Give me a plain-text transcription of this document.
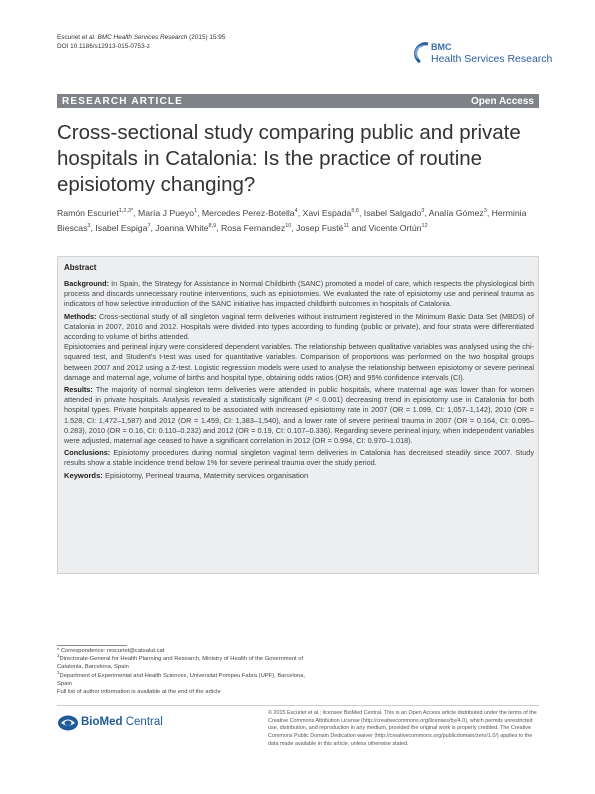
Escuriet et al. BMC Health Services Research (2015) 15:95
DOI 10.1186/s12913-015-0753-z	BMC
Health Services Research
RESEARCH ARTICLE	Open Access
Cross-sectional study comparing public and private hospitals in Catalonia: Is the practice of routine episiotomy changing?
Ramón Escuriet$^{1,2,3*}$, María J Pueyo$^1$, Mercedes Perez-Botella$^4$, Xavi Espada$^{5,6}$, Isabel Salgado$^3$, Analía Gómez$^3$, Herminia Biescas$^3$, Isabel Espiga$^7$, Joanna White$^{8,9}$, Rosa Fernandez$^{10}$, Josep Fusté$^{11}$ and Vicente Ortún$^{12}$
Abstract

Background: In Spain, the Strategy for Assistance in Normal Childbirth (SANC) promoted a model of care, which respects the physiological birth process and discards unnecessary routine interventions, such as episiotomies. We evaluated the rate of episiotomy use and perineal trauma as indicators of how selective introduction of the SANC initiative has impacted childbirth outcomes in hospitals of Catalonia.

Methods: Cross-sectional study of all singleton vaginal term deliveries without instrument registered in the Minimum Basic Data Set (MBDS) of Catalonia in 2007, 2010 and 2012. Hospitals were divided into types according to funding (public or private), and four strata were differentiated according to volume of births attended.
Episiotomies and perineal injury were considered dependent variables. The relationship between qualitative variables was analysed using the chi-squared test, and Student's t-test was used for quantitative variables. Comparison of proportions was performed on the two hospital groups between 2007 and 2012 using a Z-test. Logistic regression models were used to analyse the relationship between episiotomy or severe perineal damage and maternal age, volume of births and hospital type, obtaining odds ratios (OR) and 95% confidence intervals (CI).

Results: The majority of normal singleton term deliveries were attended in public hospitals, where maternal age was lower than for women attended in private hospitals. Analysis revealed a statistically significant (P < 0.001) decreasing trend in episiotomy use in Catalonia for both hospital types. Private hospitals appeared to be associated with increased episiotomy rate in 2007 (OR = 1.099, CI: 1,057–1,142), 2010 (OR = 1.528, CI: 1,472–1,587) and 2012 (OR = 1.459, CI: 1,383–1,540), and a lower rate of severe perineal trauma in 2007 (OR = 0.164, CI: 0.095–0.283), 2010 (OR = 0.16, CI: 0.110–0.232) and 2012 (OR = 0.19, CI: 0.107–0.336). Regarding severe perineal injury, when independent variables were adjusted, maternal age ceased to have a significant correlation in 2012 (OR = 0.994, CI: 0.970–1.018).

Conclusions: Episiotomy procedures during normal singleton vaginal term deliveries in Catalonia has decreased steadily since 2007. Study results show a stable incidence trend below 1% for severe perineal trauma over the study period.

Keywords: Episiotomy, Perineal trauma, Maternity services organisation

* Correspondence: rescuriet@catsalut.cat

$^1$Directorate-General for Health Planning and Research, Ministry of Health of the Government of Catalonia, Barcelona, Spain

$^2$Department of Experimental and Health Sciences, Universitat Pompeu Fabra (UPF), Barcelona, Spain

Full list of author information is available at the end of the article

BioMed Central
© 2015 Escuriet et al.; licensee BioMed Central. This is an Open Access article distributed under the terms of the Creative Commons Attribution License (http://creativecommons.org/licenses/by/4.0), which permits unrestricted use, distribution, and reproduction in any medium, provided the original work is properly credited. The Creative Commons Public Domain Dedication waiver (http://creativecommons.org/publicdomain/zero/1.0/) applies to the data made available in this article, unless otherwise stated.
